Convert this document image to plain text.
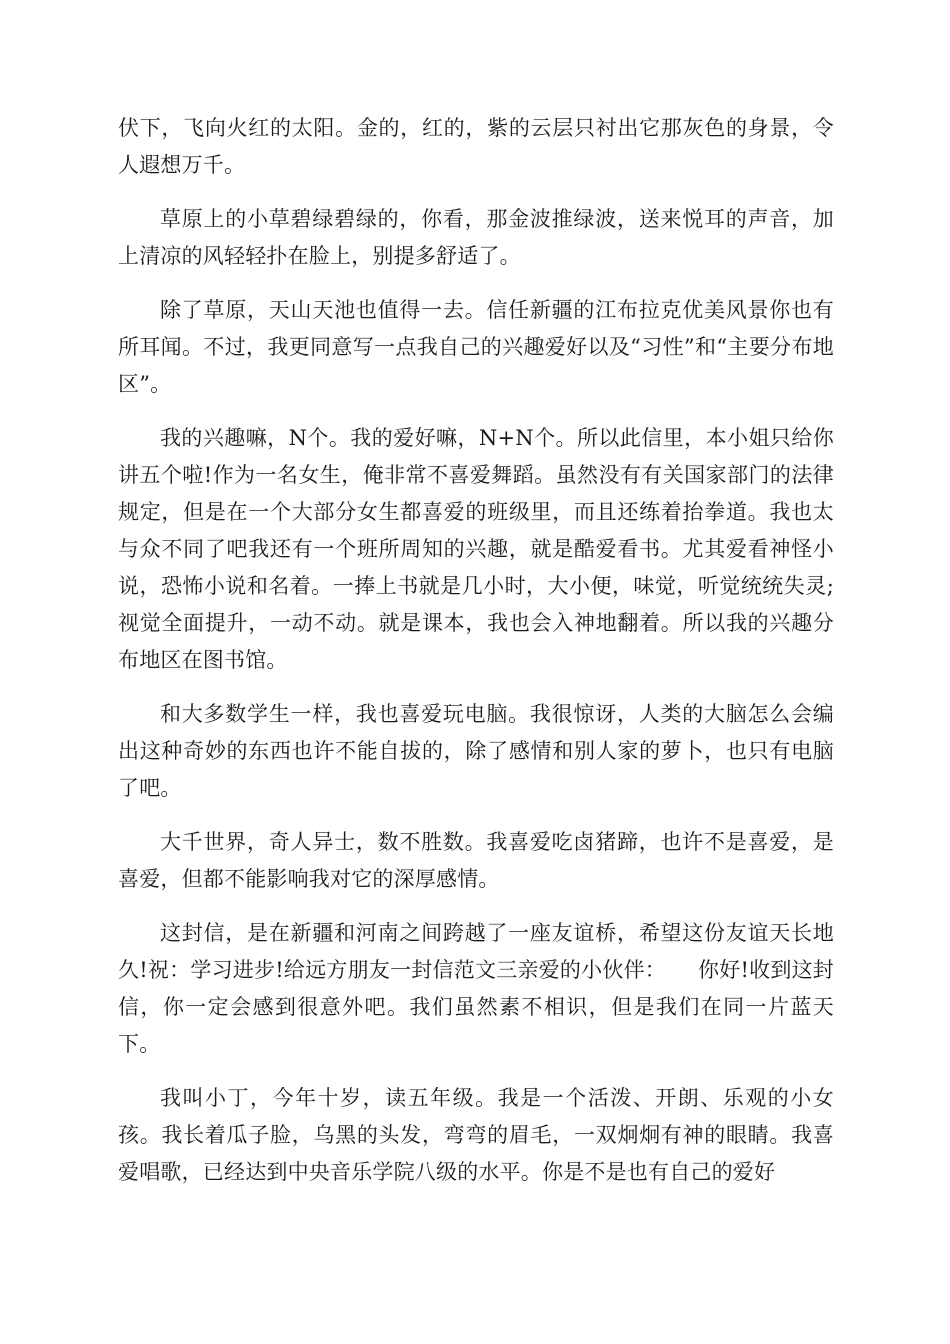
伏下，飞向火红的太阳。金的，红的，紫的云层只衬出它那灰色的身景，令人遐想万千。

草原上的小草碧绿碧绿的，你看，那金波推绿波，送来悦耳的声音，加上清凉的风轻轻扑在脸上，别提多舒适了。

除了草原，天山天池也值得一去。信任新疆的江布拉克优美风景你也有所耳闻。不过，我更同意写一点我自己的兴趣爱好以及“习性”和“主要分布地区”。

我的兴趣嘛，N个。我的爱好嘛，N+N个。所以此信里，本小姐只给你讲五个啦!作为一名女生，俺非常不喜爱舞蹈。虽然没有有关国家部门的法律规定，但是在一个大部分女生都喜爱的班级里，而且还练着抬拳道。我也太与众不同了吧我还有一个班所周知的兴趣，就是酷爱看书。尤其爱看神怪小说，恐怖小说和名着。一捧上书就是几小时，大小便，味觉，听觉统统失灵;视觉全面提升，一动不动。就是课本，我也会入神地翻着。所以我的兴趣分布地区在图书馆。

和大多数学生一样，我也喜爱玩电脑。我很惊讶，人类的大脑怎么会编出这种奇妙的东西也许不能自拔的，除了感情和别人家的萝卜，也只有电脑了吧。

大千世界，奇人异士，数不胜数。我喜爱吃卤猪蹄，也许不是喜爱，是喜爱，但都不能影响我对它的深厚感情。

这封信，是在新疆和河南之间跨越了一座友谊桥，希望这份友谊天长地久!祝：学习进步!给远方朋友一封信范文三亲爱的小伙伴：　　你好!收到这封信，你一定会感到很意外吧。我们虽然素不相识，但是我们在同一片蓝天下。

我叫小丁，今年十岁，读五年级。我是一个活泼、开朗、乐观的小女孩。我长着瓜子脸，乌黑的头发，弯弯的眉毛，一双炯炯有神的眼睛。我喜爱唱歌，已经达到中央音乐学院八级的水平。你是不是也有自己的爱好
